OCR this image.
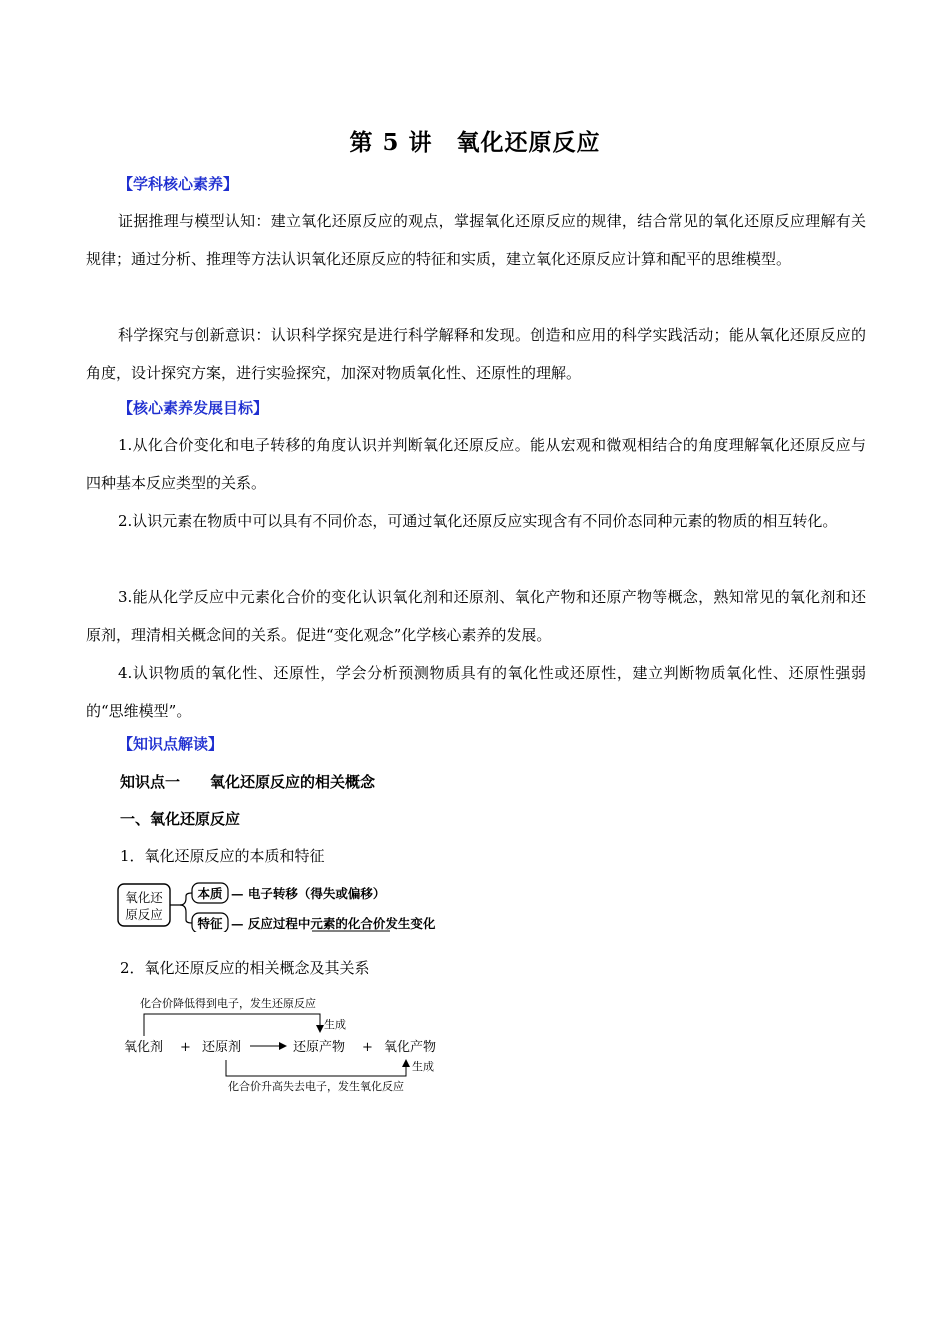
第 5 讲　氧化还原反应
【学科核心素养】
证据推理与模型认知：建立氧化还原反应的观点，掌握氧化还原反应的规律，结合常见的氧化还原反应理解有关规律；通过分析、推理等方法认识氧化还原反应的特征和实质，建立氧化还原反应计算和配平的思维模型。
科学探究与创新意识：认识科学探究是进行科学解释和发现。创造和应用的科学实践活动；能从氧化还原反应的角度，设计探究方案，进行实验探究，加深对物质氧化性、还原性的理解。
【核心素养发展目标】
1.从化合价变化和电子转移的角度认识并判断氧化还原反应。能从宏观和微观相结合的角度理解氧化还原反应与四种基本反应类型的关系。
2.认识元素在物质中可以具有不同价态，可通过氧化还原反应实现含有不同价态同种元素的物质的相互转化。
3.能从化学反应中元素化合价的变化认识氧化剂和还原剂、氧化产物和还原产物等概念，熟知常见的氧化剂和还原剂，理清相关概念间的关系。促进“变化观念”化学核心素养的发展。
4.认识物质的氧化性、还原性，学会分析预测物质具有的氧化性或还原性，建立判断物质氧化性、还原性强弱的“思维模型”。
【知识点解读】
知识点一　　氧化还原反应的相关概念
一、氧化还原反应
1．氧化还原反应的本质和特征
氧化还
原反应
本质 — 电子转移（得失或偏移）
特征 — 反应过程中元素的化合价发生变化
2．氧化还原反应的相关概念及其关系
化合价降低得到电子，发生还原反应
生成
氧化剂 + 还原剂	还原产物 + 氧化产物
生成
化合价升高失去电子，发生氧化反应
